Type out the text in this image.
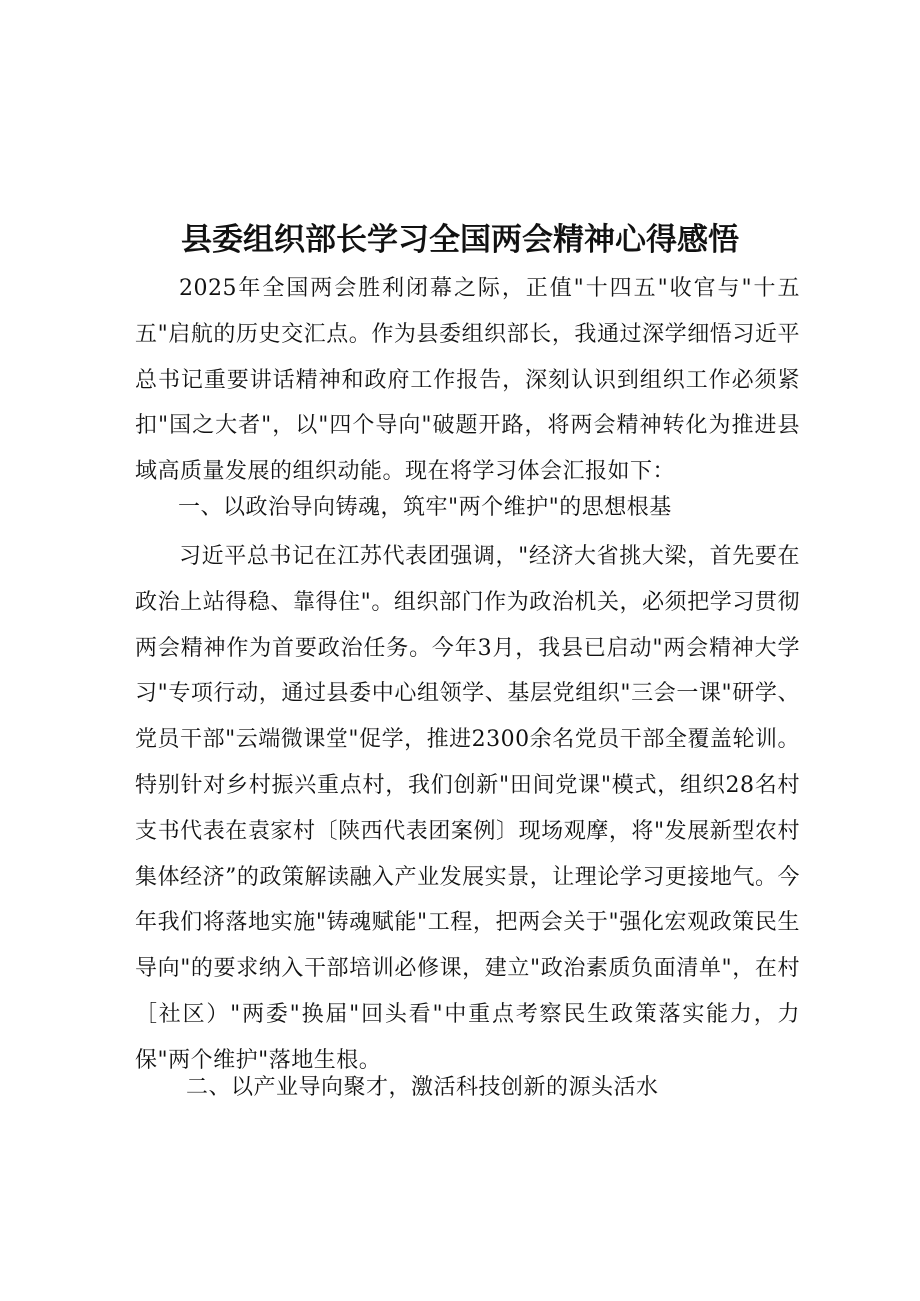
县委组织部长学习全国两会精神心得感悟

2025年全国两会胜利闭幕之际，正值"十四五"收官与"十五五"启航的历史交汇点。作为县委组织部长，我通过深学细悟习近平总书记重要讲话精神和政府工作报告，深刻认识到组织工作必须紧扣"国之大者"，以"四个导向"破题开路，将两会精神转化为推进县域高质量发展的组织动能。现在将学习体会汇报如下：

一、以政治导向铸魂，筑牢"两个维护"的思想根基

习近平总书记在江苏代表团强调，"经济大省挑大梁，首先要在政治上站得稳、靠得住"。组织部门作为政治机关，必须把学习贯彻两会精神作为首要政治任务。今年3月，我县已启动"两会精神大学习"专项行动，通过县委中心组领学、基层党组织"三会一课"研学、党员干部"云端微课堂"促学，推进2300余名党员干部全覆盖轮训。特别针对乡村振兴重点村，我们创新"田间党课"模式，组织28名村支书代表在袁家村〔陕西代表团案例〕现场观摩，将"发展新型农村集体经济”的政策解读融入产业发展实景，让理论学习更接地气。今年我们将落地实施"铸魂赋能"工程，把两会关于"强化宏观政策民生导向"的要求纳入干部培训必修课，建立"政治素质负面清单"，在村［社区）"两委"换届"回头看"中重点考察民生政策落实能力，力保"两个维护"落地生根。

二、以产业导向聚才，激活科技创新的源头活水
